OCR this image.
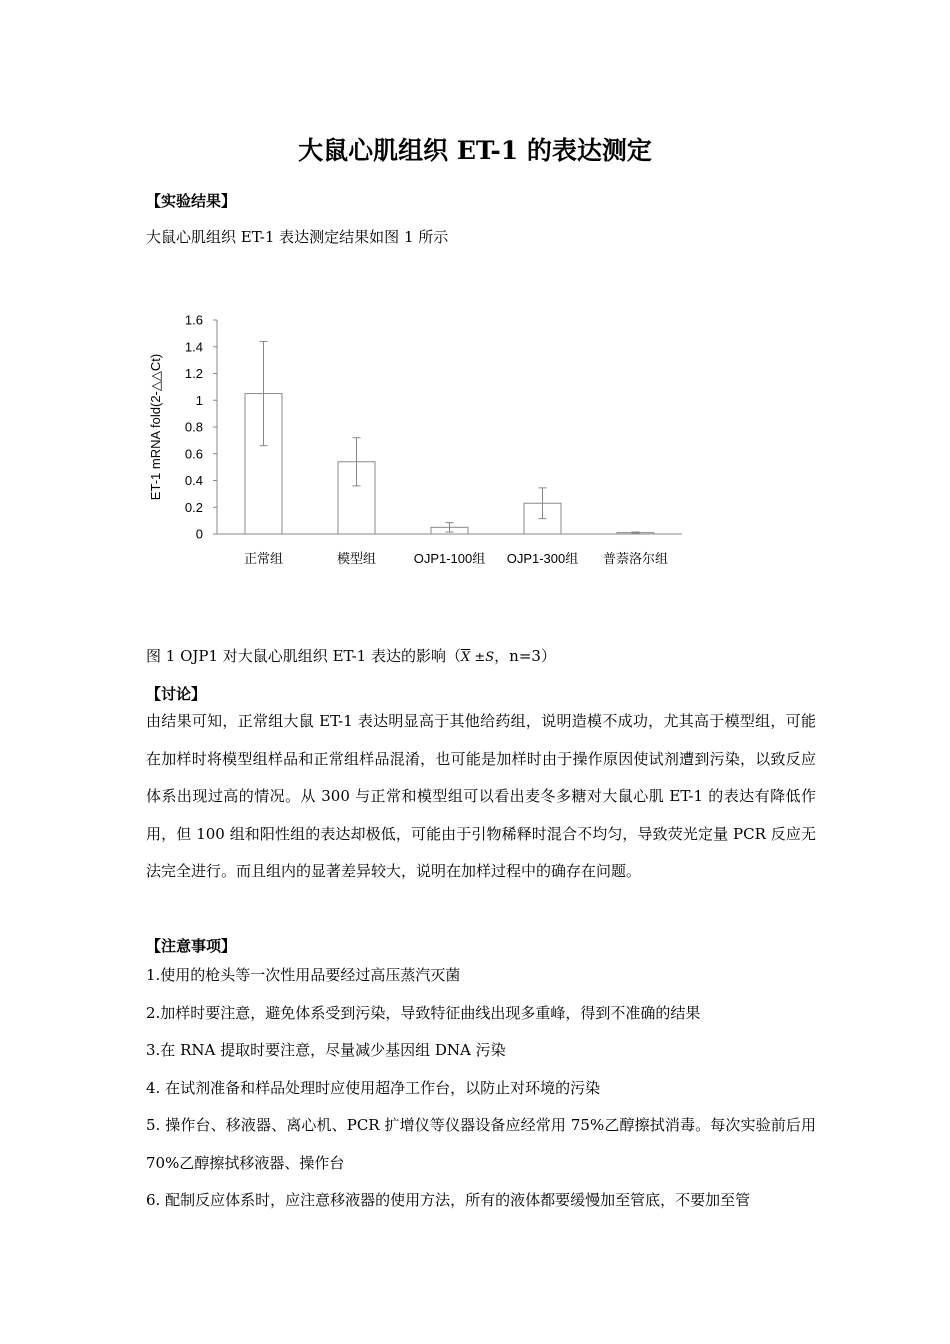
大鼠心肌组织 ET-1 的表达测定
【实验结果】
大鼠心肌组织 ET-1 表达测定结果如图 1 所示
0
0.2
0.4
0.6
0.8
1
1.2
1.4
1.6
ET-1 mRNA fold(2-△△Ct)
正常组	模型组	OJP1-100组 OJP1-300组 普萘洛尔组
图 1 OJP1 对大鼠心肌组织 ET-1 表达的影响（$\overline{X} \pm S$，n=3）
【讨论】
由结果可知，正常组大鼠 ET-1 表达明显高于其他给药组，说明造模不成功，尤其高于模型组，可能在加样时将模型组样品和正常组样品混淆，也可能是加样时由于操作原因使试剂遭到污染，以致反应体系出现过高的情况。从 300 与正常和模型组可以看出麦冬多糖对大鼠心肌 ET-1 的表达有降低作用，但 100 组和阳性组的表达却极低，可能由于引物稀释时混合不均匀，导致荧光定量 PCR 反应无法完全进行。而且组内的显著差异较大，说明在加样过程中的确存在问题。
【注意事项】
1.使用的枪头等一次性用品要经过高压蒸汽灭菌
2.加样时要注意，避免体系受到污染，导致特征曲线出现多重峰，得到不准确的结果
3.在 RNA 提取时要注意，尽量减少基因组 DNA 污染
4. 在试剂准备和样品处理时应使用超净工作台，以防止对环境的污染
5. 操作台、移液器、离心机、PCR 扩增仪等仪器设备应经常用 75%乙醇擦拭消毒。每次实验前后用 70%乙醇擦拭移液器、操作台
6. 配制反应体系时，应注意移液器的使用方法，所有的液体都要缓慢加至管底，不要加至管
